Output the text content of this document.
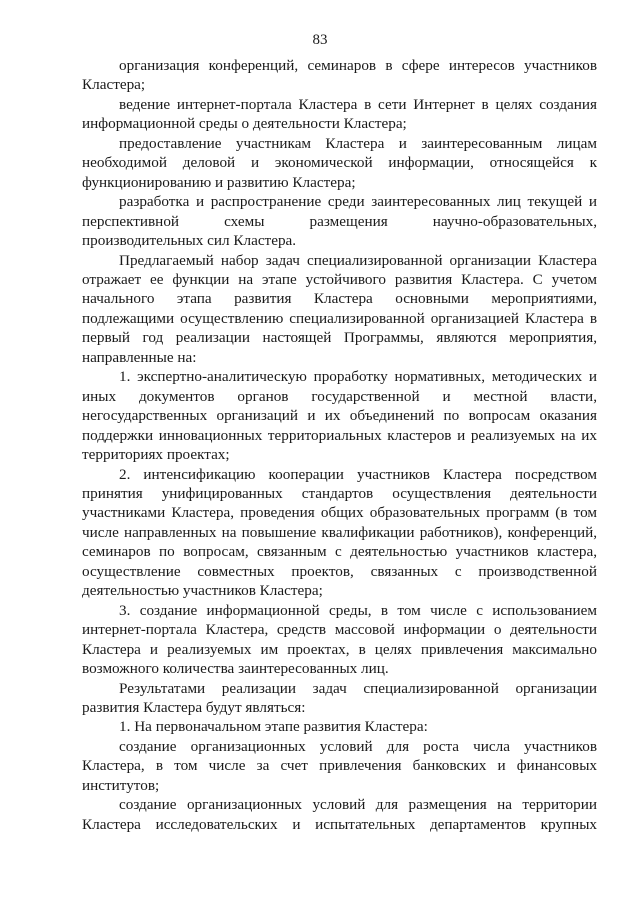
83

организация конференций, семинаров в сфере интересов участников Кластера;

ведение интернет-портала Кластера в сети Интернет в целях создания информационной среды о деятельности Кластера;

предоставление участникам Кластера и заинтересованным лицам необходимой деловой и экономической информации, относящейся к функционированию и развитию Кластера;

разработка и распространение среди заинтересованных лиц текущей и перспективной схемы размещения научно-образовательных, производительных сил Кластера.

Предлагаемый набор задач специализированной организации Кластера отражает ее функции на этапе устойчивого развития Кластера. С учетом начального этапа развития Кластера основными мероприятиями, подлежащими осуществлению специализированной организацией Кластера в первый год реализации настоящей Программы, являются мероприятия, направленные на:

1. экспертно-аналитическую проработку нормативных, методических и иных документов органов государственной и местной власти, негосударственных организаций и их объединений по вопросам оказания поддержки инновационных территориальных кластеров и реализуемых на их территориях проектах;

2. интенсификацию кооперации участников Кластера посредством принятия унифицированных стандартов осуществления деятельности участниками Кластера, проведения общих образовательных программ (в том числе направленных на повышение квалификации работников), конференций, семинаров по вопросам, связанным с деятельностью участников кластера, осуществление совместных проектов, связанных с производственной деятельностью участников Кластера;

3. создание информационной среды, в том числе с использованием интернет-портала Кластера, средств массовой информации о деятельности Кластера и реализуемых им проектах, в целях привлечения максимально возможного количества заинтересованных лиц.

Результатами реализации задач специализированной организации развития Кластера будут являться:

1. На первоначальном этапе развития Кластера:

создание организационных условий для роста числа участников Кластера, в том числе за счет привлечения банковских и финансовых институтов;

создание организационных условий для размещения на территории Кластера исследовательских и испытательных департаментов крупных
